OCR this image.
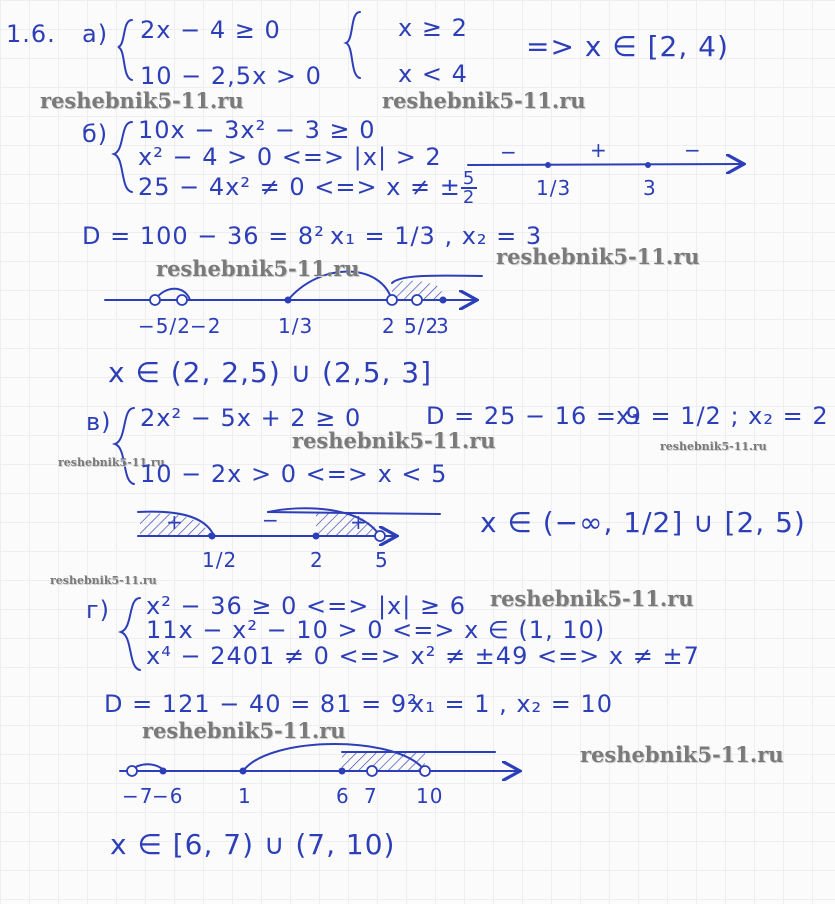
1.6. а) 2x − 4 ≥ 0
10 − 2,5x > 0
x ≥ 2
x < 4
=> x ∈ [2, 4)
reshebnik5-11.ru	reshebnik5-11.ru
б) 10x − 3x² − 3 ≥ 0
x² − 4 > 0 <=> |x| > 2
25 − 4x² ≠ 0 <=> x ≠ ± $\frac{5}{2}$
−	+	−
1/3	3
D = 100 − 36 = 8² x₁ = 1/3 , x₂ = 3
reshebnik5-11.ru	reshebnik5-11.ru
−5/2 −2	1/3	2 5/2
3
x ∈ (2, 2,5) ∪ (2,5, 3]
в) 2x² − 5x + 2 ≥ 0	D = 25 − 16 = 9
x₁ = 1/2 ; x₂ = 2
reshebnik5-11.ru
reshebnik5-11.ru
reshebnik5-11.ru
10 − 2x > 0 <=> x < 5
+	−	+
1/2	2	5
x ∈ (−∞, 1/2] ∪ [2, 5)
reshebnik5-11.ru
г) x² − 36 ≥ 0 <=> |x| ≥ 6 reshebnik5-11.ru
11x − x² − 10 > 0 <=> x ∈ (1, 10)
x⁴ − 2401 ≠ 0 <=> x² ≠ ±49 <=> x ≠ ±7
D = 121 − 40 = 81 = 9²
x₁ = 1 , x₂ = 10
reshebnik5-11.ru
reshebnik5-11.ru
−7
−6	1	6 7 10
x ∈ [6, 7) ∪ (7, 10)
